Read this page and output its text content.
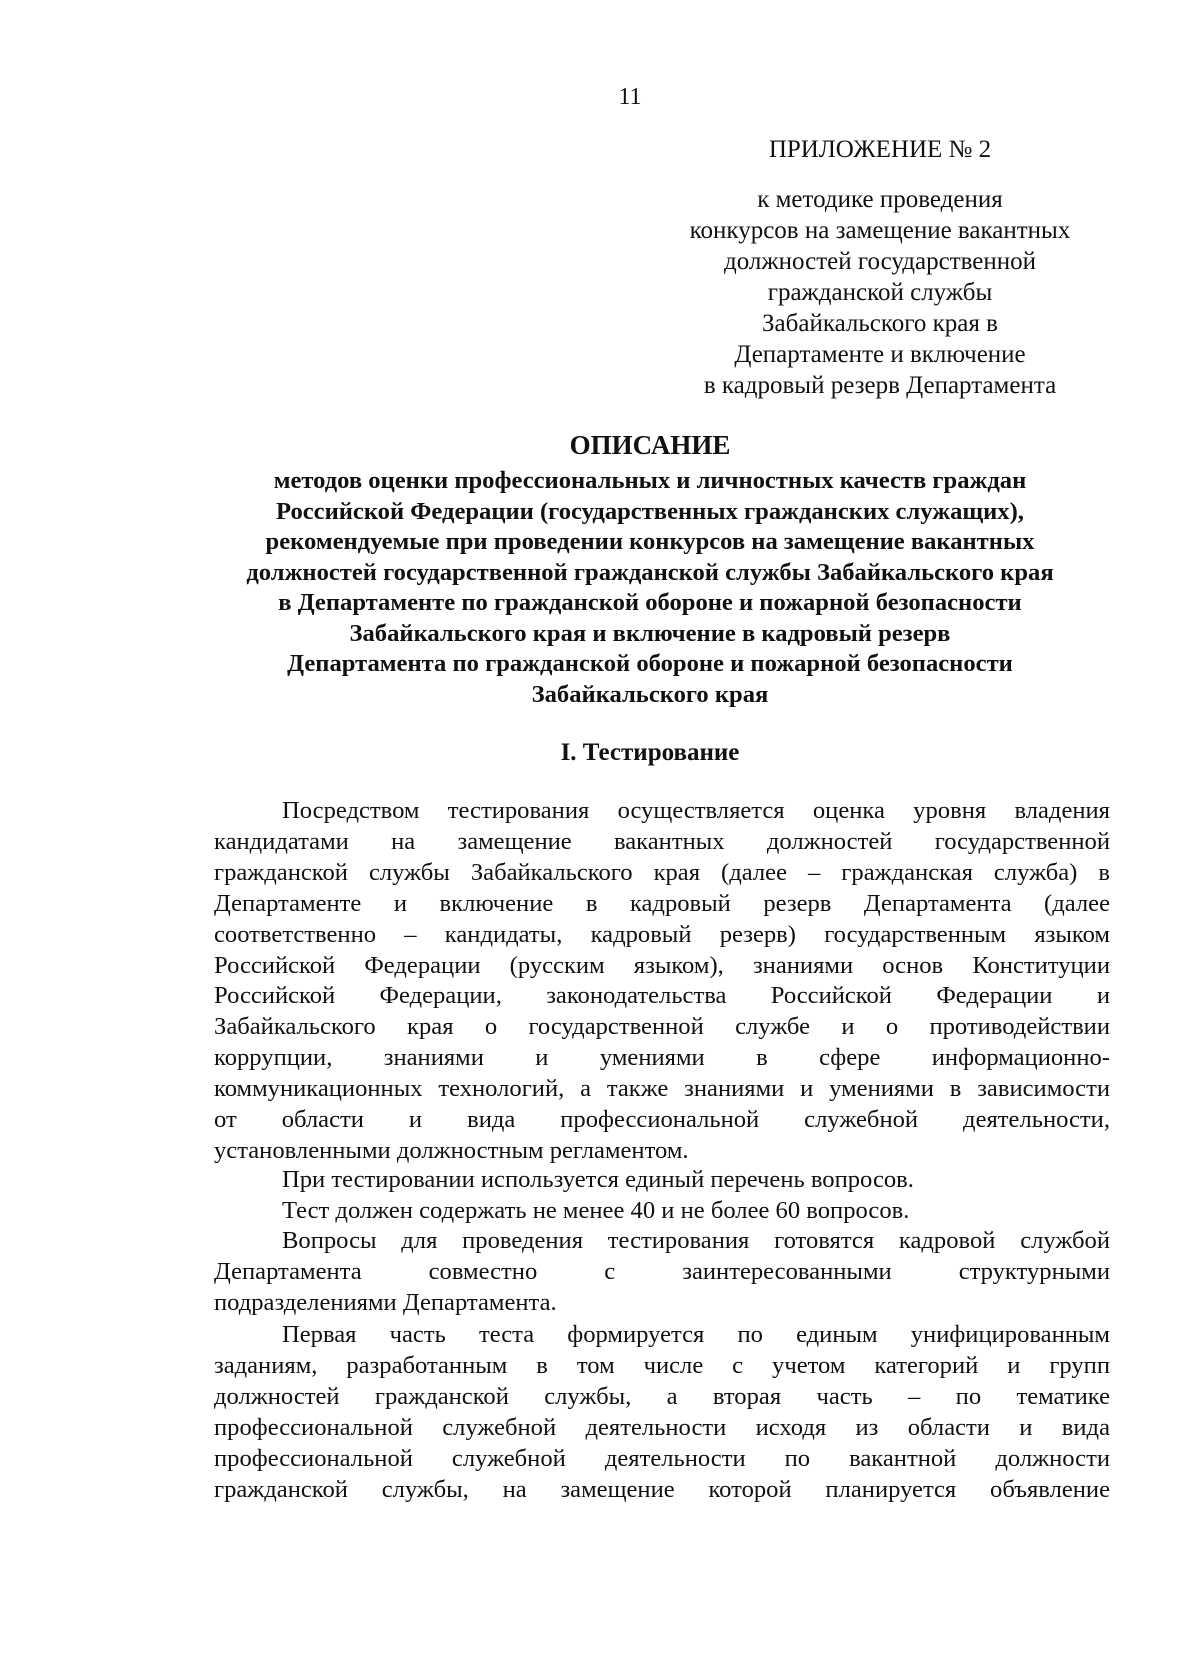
11
ПРИЛОЖЕНИЕ № 2
к методике проведения
конкурсов на замещение вакантных
должностей государственной
гражданской службы
Забайкальского края в
Департаменте и включение
в кадровый резерв Департамента
ОПИСАНИЕ
методов оценки профессиональных и личностных качеств граждан
Российской Федерации (государственных гражданских служащих),
рекомендуемые при проведении конкурсов на замещение вакантных
должностей государственной гражданской службы Забайкальского края
в Департаменте по гражданской обороне и пожарной безопасности
Забайкальского края и включение в кадровый резерв
Департамента по гражданской обороне и пожарной безопасности
Забайкальского края
I. Тестирование
Посредством тестирования осуществляется оценка уровня владения
кандидатами на замещение вакантных должностей государственной
гражданской службы Забайкальского края (далее – гражданская служба) в
Департаменте и включение в кадровый резерв Департамента (далее
соответственно – кандидаты, кадровый резерв) государственным языком
Российской Федерации (русским языком), знаниями основ Конституции
Российской Федерации, законодательства Российской Федерации и
Забайкальского края о государственной службе и о противодействии
коррупции, знаниями и умениями в сфере информационно-
коммуникационных технологий, а также знаниями и умениями в зависимости
от области и вида профессиональной служебной деятельности,
установленными должностным регламентом.
При тестировании используется единый перечень вопросов.
Тест должен содержать не менее 40 и не более 60 вопросов.
Вопросы для проведения тестирования готовятся кадровой службой
Департамента совместно с заинтересованными структурными
подразделениями Департамента.
Первая часть теста формируется по единым унифицированным
заданиям, разработанным в том числе с учетом категорий и групп
должностей гражданской службы, а вторая часть – по тематике
профессиональной служебной деятельности исходя из области и вида
профессиональной служебной деятельности по вакантной должности
гражданской службы, на замещение которой планируется объявление
